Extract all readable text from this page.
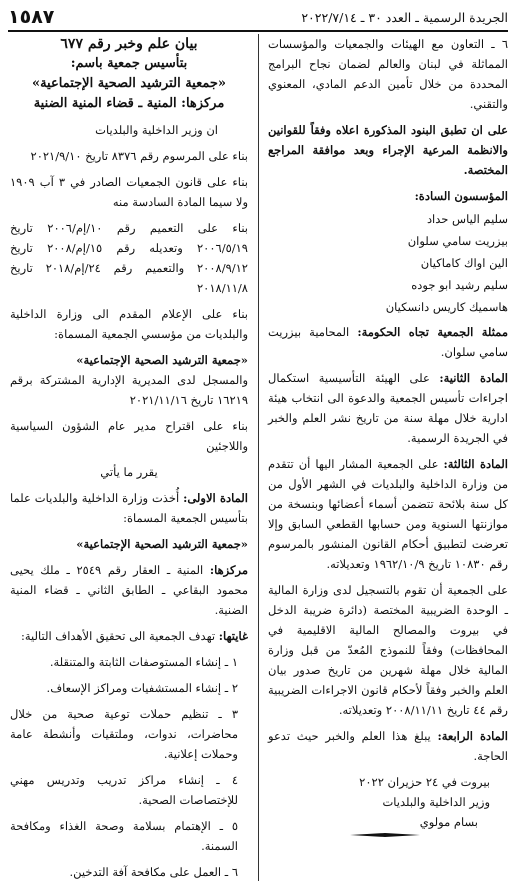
الجريدة الرسمية ـ العدد ٣٠ ـ ٢٠٢٢/٧/١٤
١٥٨٧

٦ ـ التعاون مع الهيئات والجمعيات والمؤسسات المماثلة في لبنان والعالم لضمان نجاح البرامج المحددة من خلال تأمين الدعم المادي، المعنوي والتقني.

على ان تطبق البنود المذكورة اعلاه وفقاً للقوانين والانظمة المرعية الإجراء وبعد موافقة المراجع المختصة.

المؤسسون السادة:

سليم الياس حداد
بيزريت سامي سلوان
الين اواك كاماكيان
سليم رشيد ابو جوده
هاسميك كاريس دانسكيان

ممثلة الجمعية تجاه الحكومة: المحامية بيزريت سامي سلوان.

المادة الثانية: على الهيئة التأسيسية استكمال اجراءات تأسيس الجمعية والدعوة الى انتخاب هيئة ادارية خلال مهلة سنة من تاريخ نشر العلم والخبر في الجريدة الرسمية.

المادة الثالثة: على الجمعية المشار اليها أن تتقدم من وزارة الداخلية والبلديات في الشهر الأول من كل سنة بلائحة تتضمن أسماء أعضائها وبنسخة من موازنتها السنوية ومن حسابها القطعي السابق وإلا تعرضت لتطبيق أحكام القانون المنشور بالمرسوم رقم ١٠٨٣٠ تاريخ ١٩٦٢/١٠/٩ وتعديلاته.

على الجمعية أن تقوم بالتسجيل لدى وزارة المالية ـ الوحدة الضريبية المختصة (دائرة ضريبة الدخل في بيروت والمصالح المالية الاقليمية في المحافظات) وفقاً للنموذج المُعدّ من قبل وزارة المالية خلال مهلة شهرين من تاريخ صدور بيان العلم والخبر وفقاً لأحكام قانون الاجراءات الضريبية رقم ٤٤ تاريخ ٢٠٠٨/١١/١١ وتعديلاته.

المادة الرابعة: يبلغ هذا العلم والخبر حيث تدعو الحاجة.

بيروت في ٢٤ حزيران ٢٠٢٢
وزير الداخلية والبلديات
بسام مولوي

بيان علم وخبر رقم ٦٧٧

بتأسيس جمعية باسم:

«جمعية الترشيد الصحية الإجتماعية»

مركزها: المنية ـ قضاء المنية الضنية

ان وزير الداخلية والبلديات

بناء على المرسوم رقم ٨٣٧٦ تاريخ ٢٠٢١/٩/١٠

بناء على قانون الجمعيات الصادر في ٣ آب ١٩٠٩ ولا سيما المادة السادسة منه

بناء على التعميم رقم ١٠/إم/٢٠٠٦ تاريخ ٢٠٠٦/٥/١٩ وتعديله رقم ١٥/إم/٢٠٠٨ تاريخ ٢٠٠٨/٩/١٢ والتعميم رقم ٢٤/إم/٢٠١٨ تاريخ ٢٠١٨/١١/٨

بناء على الإعلام المقدم الى وزارة الداخلية والبلديات من مؤسسي الجمعية المسماة:

«جمعية الترشيد الصحية الإجتماعية»

والمسجل لدى المديرية الإدارية المشتركة برقم ١٦٢١٩ تاريخ ٢٠٢١/١١/١٦

بناء على اقتراح مدير عام الشؤون السياسية واللاجئين

يقرر ما يأتي

المادة الاولى: أُخذت وزارة الداخلية والبلديات علما بتأسيس الجمعية المسماة:

«جمعية الترشيد الصحية الإجتماعية»

مركزها: المنية ـ العقار رقم ٢٥٤٩ ـ ملك يحيى محمود البقاعي ـ الطابق الثاني ـ قضاء المنية الضنية.

غايتها: تهدف الجمعية الى تحقيق الأهداف التالية:

١ ـ إنشاء المستوصفات الثابتة والمتنقلة.

٢ ـ إنشاء المستشفيات ومراكز الإسعاف.

٣ ـ تنظيم حملات توعية صحية من خلال محاضرات، ندوات، وملتقيات وأنشطة عامة وحملات إعلانية.

٤ ـ إنشاء مراكز تدريب وتدريس مهني للإختصاصات الصحية.

٥ ـ الإهتمام بسلامة وصحة الغذاء ومكافحة السمنة.

٦ ـ العمل على مكافحة آفة التدخين.
